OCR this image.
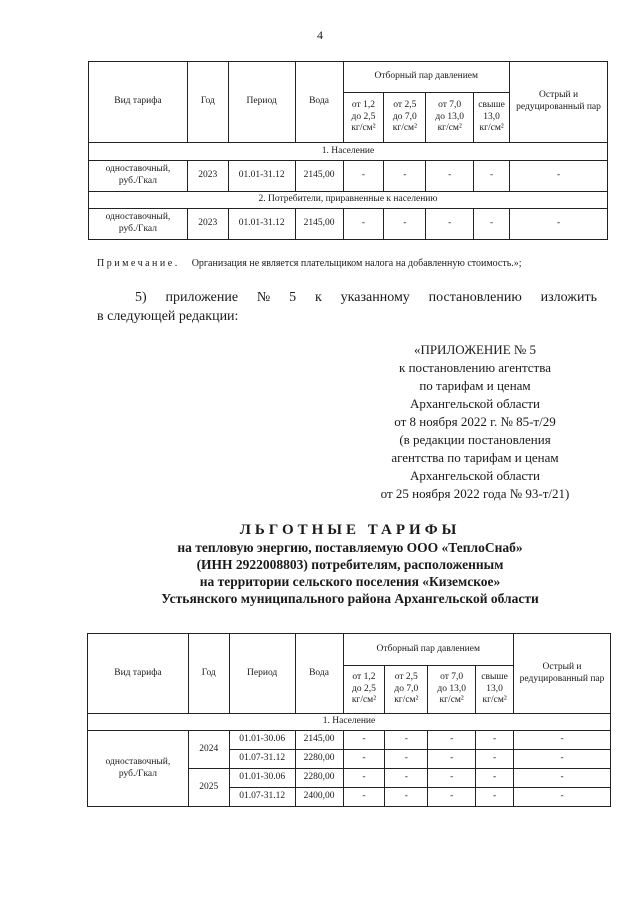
4
Вид тарифа	Год	Период	Вода	Отборный пар давлением				Острый и редуцированный пар
				от 1,2
до 2,5
кг/см²	от 2,5
до 7,0
кг/см²	от 7,0
до 13,0
кг/см²	свыше
13,0
кг/см²	
1. Население								
одноставочный,
руб./Гкал	2023	01.01-31.12	2145,00	-	-	-	-	-
2. Потребители, приравненные к населению								
одноставочный,
руб./Гкал	2023	01.01-31.12	2145,00	-	-	-	-	-
Примечание. Организация не является плательщиком налога на добавленную стоимость.»;
5) приложение № 5 к указанному постановлению изложить
в следующей редакции:
«ПРИЛОЖЕНИЕ № 5
к постановлению агентства
по тарифам и ценам
Архангельской области
от 8 ноября 2022 г. № 85-т/29
(в редакции постановления
агентства по тарифам и ценам
Архангельской области
от 25 ноября 2022 года № 93-т/21)
ЛЬГОТНЫЕ ТАРИФЫ
на тепловую энергию, поставляемую ООО «ТеплоСнаб»
(ИНН 2922008803) потребителям, расположенным
на территории сельского поселения «Киземское»
Устьянского муниципального района Архангельской области
Вид тарифа	Год	Период	Вода	Отборный пар давлением				Острый и редуцированный пар
				от 1,2
до 2,5
кг/см²	от 2,5
до 7,0
кг/см²	от 7,0
до 13,0
кг/см²	свыше
13,0
кг/см²	
1. Население								
одноставочный,
руб./Гкал	2024	01.01-30.06	2145,00	-	-	-	-	-
		01.07-31.12	2280,00	-	-	-	-	-
	2025	01.01-30.06	2280,00	-	-	-	-	-
		01.07-31.12	2400,00	-	-	-	-	-
